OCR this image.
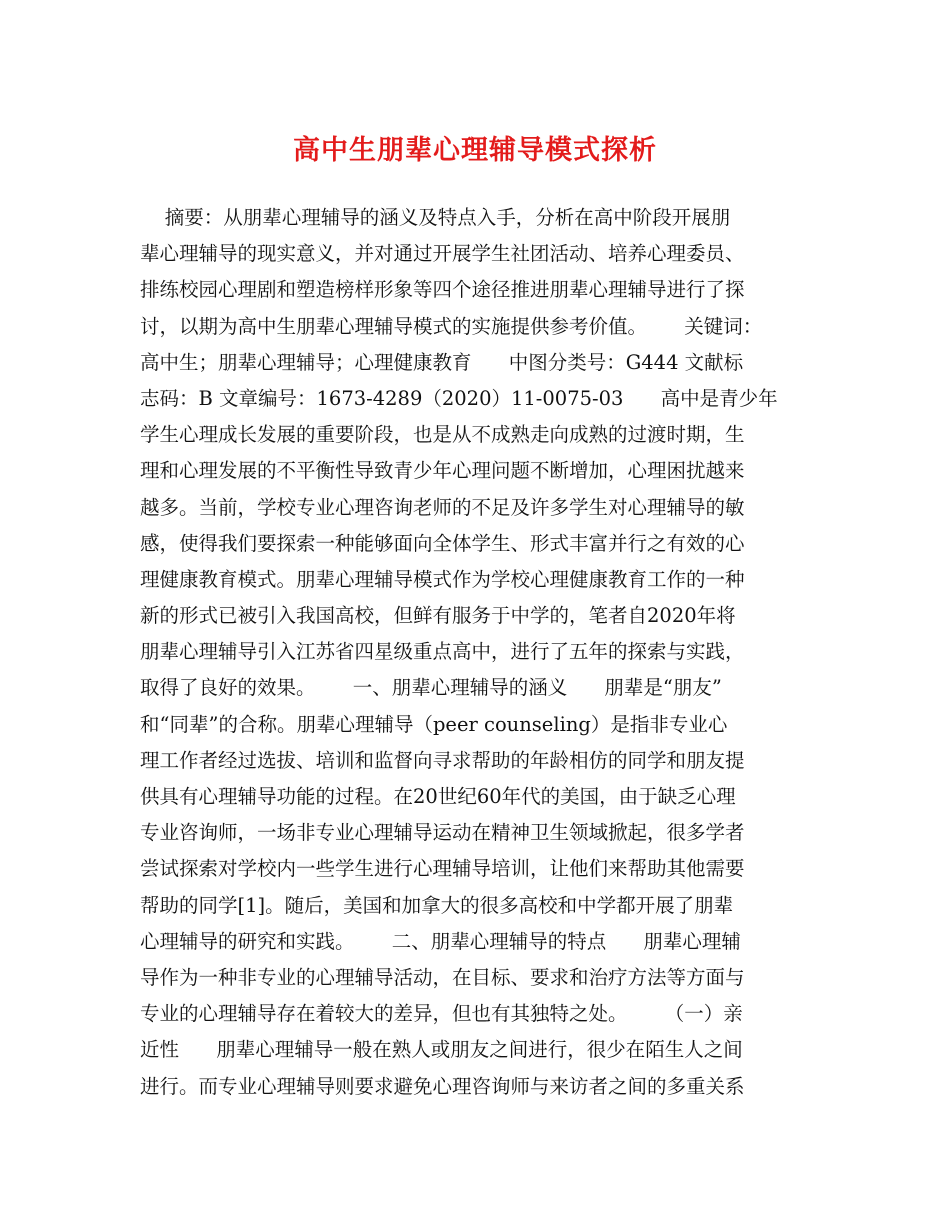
高中生朋辈心理辅导模式探析
摘要：从朋辈心理辅导的涵义及特点入手，分析在高中阶段开展朋
辈心理辅导的现实意义，并对通过开展学生社团活动、培养心理委员、
排练校园心理剧和塑造榜样形象等四个途径推进朋辈心理辅导进行了探
讨，以期为高中生朋辈心理辅导模式的实施提供参考价值。      关键词：
高中生；朋辈心理辅导；心理健康教育      中图分类号：G444 文献标
志码：B 文章编号：1673-4289（2020）11-0075-03      高中是青少年
学生心理成长发展的重要阶段，也是从不成熟走向成熟的过渡时期，生
理和心理发展的不平衡性导致青少年心理问题不断增加，心理困扰越来
越多。当前，学校专业心理咨询老师的不足及许多学生对心理辅导的敏
感，使得我们要探索一种能够面向全体学生、形式丰富并行之有效的心
理健康教育模式。朋辈心理辅导模式作为学校心理健康教育工作的一种
新的形式已被引入我国高校，但鲜有服务于中学的，笔者自2020年将
朋辈心理辅导引入江苏省四星级重点高中，进行了五年的探索与实践，
取得了良好的效果。      一、朋辈心理辅导的涵义      朋辈是“朋友”
和“同辈”的合称。朋辈心理辅导（peer counseling）是指非专业心
理工作者经过选拔、培训和监督向寻求帮助的年龄相仿的同学和朋友提
供具有心理辅导功能的过程。在20世纪60年代的美国，由于缺乏心理
专业咨询师，一场非专业心理辅导运动在精神卫生领域掀起，很多学者
尝试探索对学校内一些学生进行心理辅导培训，让他们来帮助其他需要
帮助的同学[1]。随后，美国和加拿大的很多高校和中学都开展了朋辈
心理辅导的研究和实践。      二、朋辈心理辅导的特点      朋辈心理辅
导作为一种非专业的心理辅导活动，在目标、要求和治疗方法等方面与
专业的心理辅导存在着较大的差异，但也有其独特之处。      （一）亲
近性      朋辈心理辅导一般在熟人或朋友之间进行，很少在陌生人之间
进行。而专业心理辅导则要求避免心理咨询师与来访者之间的多重关系
